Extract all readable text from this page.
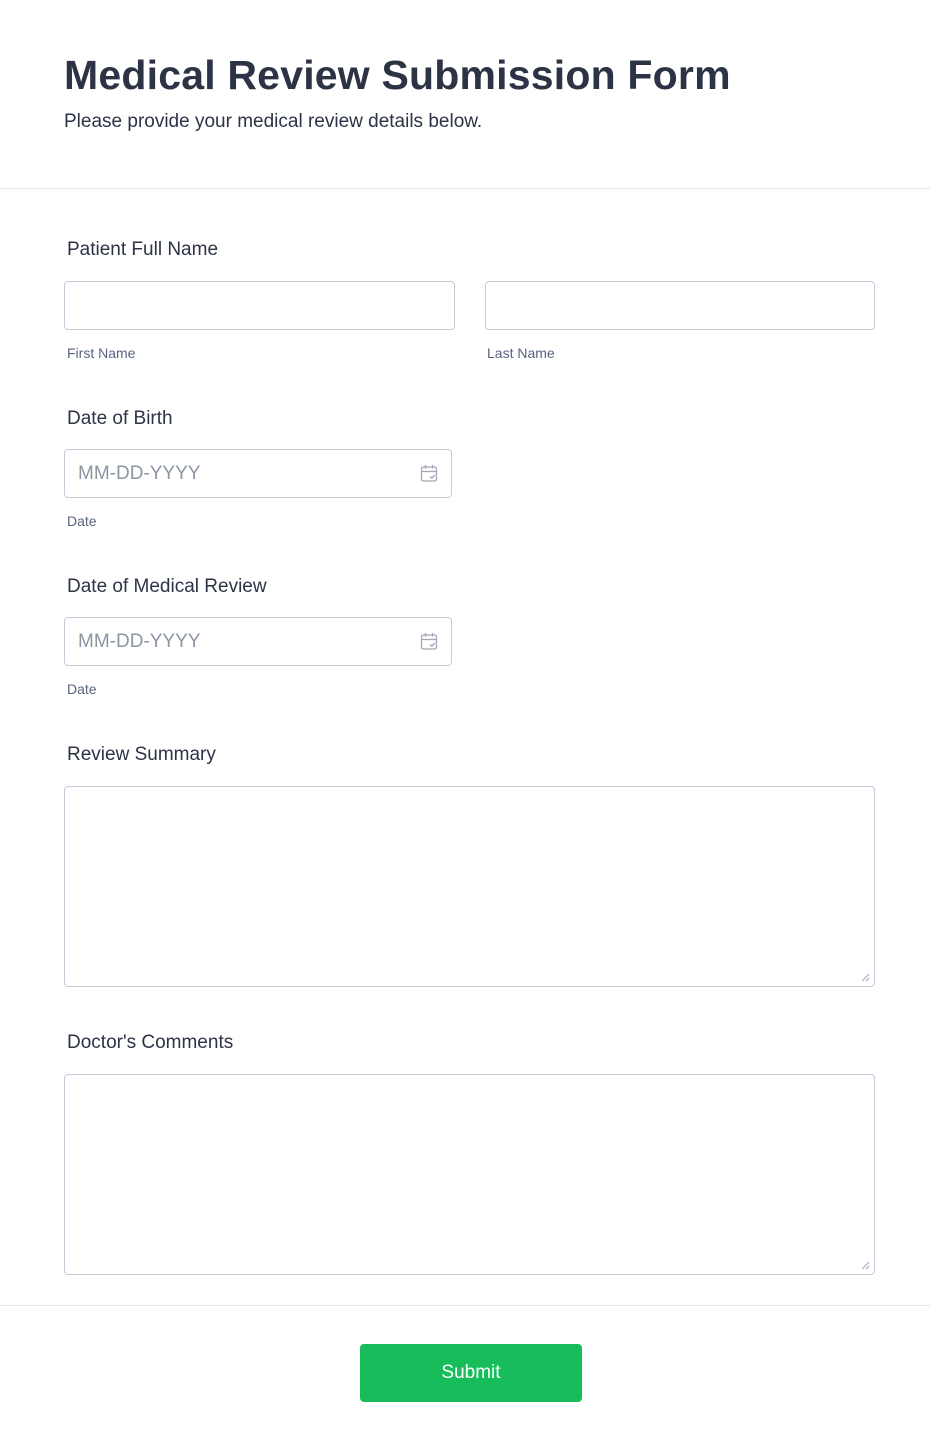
Medical Review Submission Form
Please provide your medical review details below.
Patient Full Name
First Name	Last Name
Date of Birth
MM-DD-YYYY
Date
Date of Medical Review
MM-DD-YYYY
Date
Review Summary
Doctor's Comments
Submit
